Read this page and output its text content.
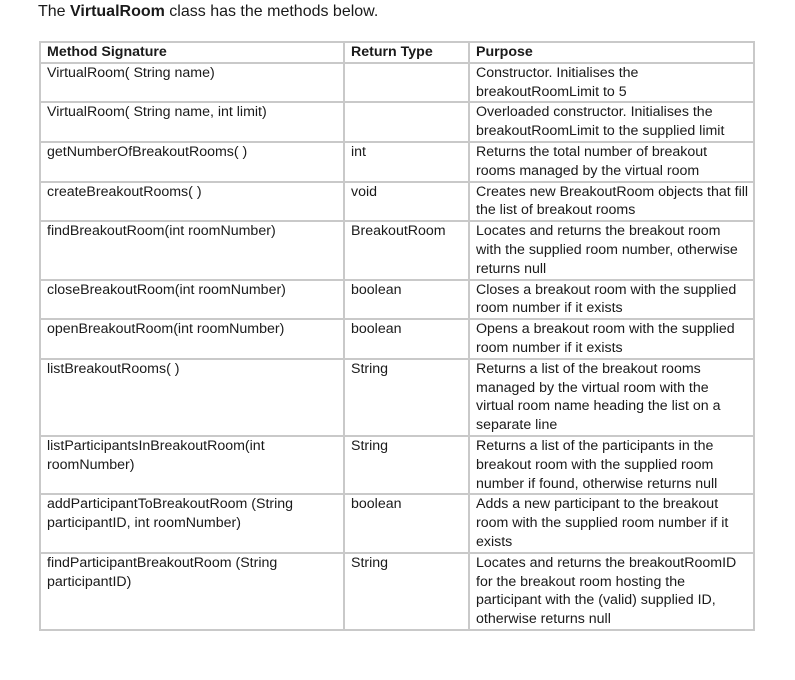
The VirtualRoom class has the methods below.
Method Signature	Return Type	Purpose
VirtualRoom( String name)		Constructor. Initialises the breakoutRoomLimit to 5
VirtualRoom( String name, int limit)		Overloaded constructor. Initialises the breakoutRoomLimit to the supplied limit
getNumberOfBreakoutRooms( )	int	Returns the total number of breakout rooms managed by the virtual room
createBreakoutRooms( )	void	Creates new BreakoutRoom objects that fill the list of breakout rooms
findBreakoutRoom(int roomNumber)	BreakoutRoom	Locates and returns the breakout room with the supplied room number, otherwise returns null
closeBreakoutRoom(int roomNumber)	boolean	Closes a breakout room with the supplied room number if it exists
openBreakoutRoom(int roomNumber)	boolean	Opens a breakout room with the supplied room number if it exists
listBreakoutRooms( )	String	Returns a list of the breakout rooms managed by the virtual room with the virtual room name heading the list on a separate line
listParticipantsInBreakoutRoom(int roomNumber)	String	Returns a list of the participants in the breakout room with the supplied room number if found, otherwise returns null
addParticipantToBreakoutRoom (String participantID, int roomNumber)	boolean	Adds a new participant to the breakout room with the supplied room number if it exists
findParticipantBreakoutRoom (String participantID)	String	Locates and returns the breakoutRoomID for the breakout room hosting the participant with the (valid) supplied ID, otherwise returns null
